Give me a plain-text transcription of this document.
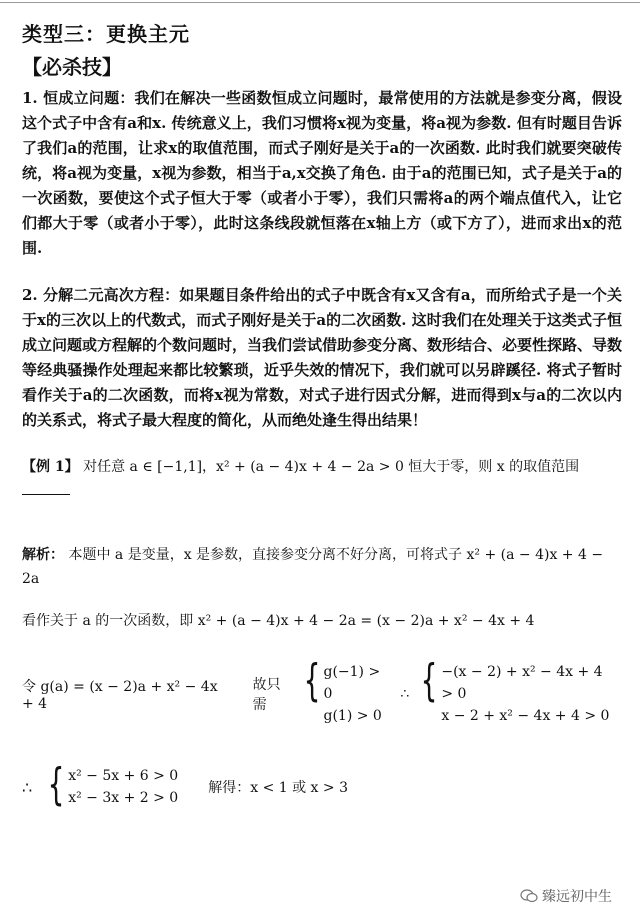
类型三：更换主元
【必杀技】

1. 恒成立问题：我们在解决一些函数恒成立问题时，最常使用的方法就是参变分离，假设这个式子中含有a和x. 传统意义上，我们习惯将x视为变量，将a视为参数. 但有时题目告诉了我们a的范围，让求x的取值范围，而式子刚好是关于a的一次函数. 此时我们就要突破传统，将a视为变量，x视为参数，相当于a,x交换了角色. 由于a的范围已知，式子是关于a的一次函数，要使这个式子恒大于零（或者小于零），我们只需将a的两个端点值代入，让它们都大于零（或者小于零），此时这条线段就恒落在x轴上方（或下方了），进而求出x的范围.

2. 分解二元高次方程：如果题目条件给出的式子中既含有x又含有a，而所给式子是一个关于x的三次以上的代数式，而式子刚好是关于a的二次函数. 这时我们在处理关于这类式子恒成立问题或方程解的个数问题时，当我们尝试借助参变分离、数形结合、必要性探路、导数等经典骚操作处理起来都比较繁琐，近乎失效的情况下，我们就可以另辟蹊径. 将式子暂时看作关于a的二次函数，而将x视为常数，对式子进行因式分解，进而得到x与a的二次以内的关系式，将式子最大程度的简化，从而绝处逢生得出结果！

【例 1】 对任意 a ∈ [−1,1]，x² + (a − 4)x + 4 − 2a > 0 恒大于零，则 x 的取值范围
解析： 本题中 a 是变量，x 是参数，直接参变分离不好分离，可将式子 x² + (a − 4)x + 4 − 2a
看作关于 a 的一次函数，即 x² + (a − 4)x + 4 − 2a = (x − 2)a + x² − 4x + 4
令 g(a) = (x − 2)a + x² − 4x + 4
故只需 { g(−1) > 0
g(1) > 0
∴ { −(x − 2) + x² − 4x + 4 > 0
x − 2 + x² − 4x + 4 > 0
∴ { x² − 5x + 6 > 0
x² − 3x + 2 > 0
解得：x < 1 或 x > 3
臻远初中生
